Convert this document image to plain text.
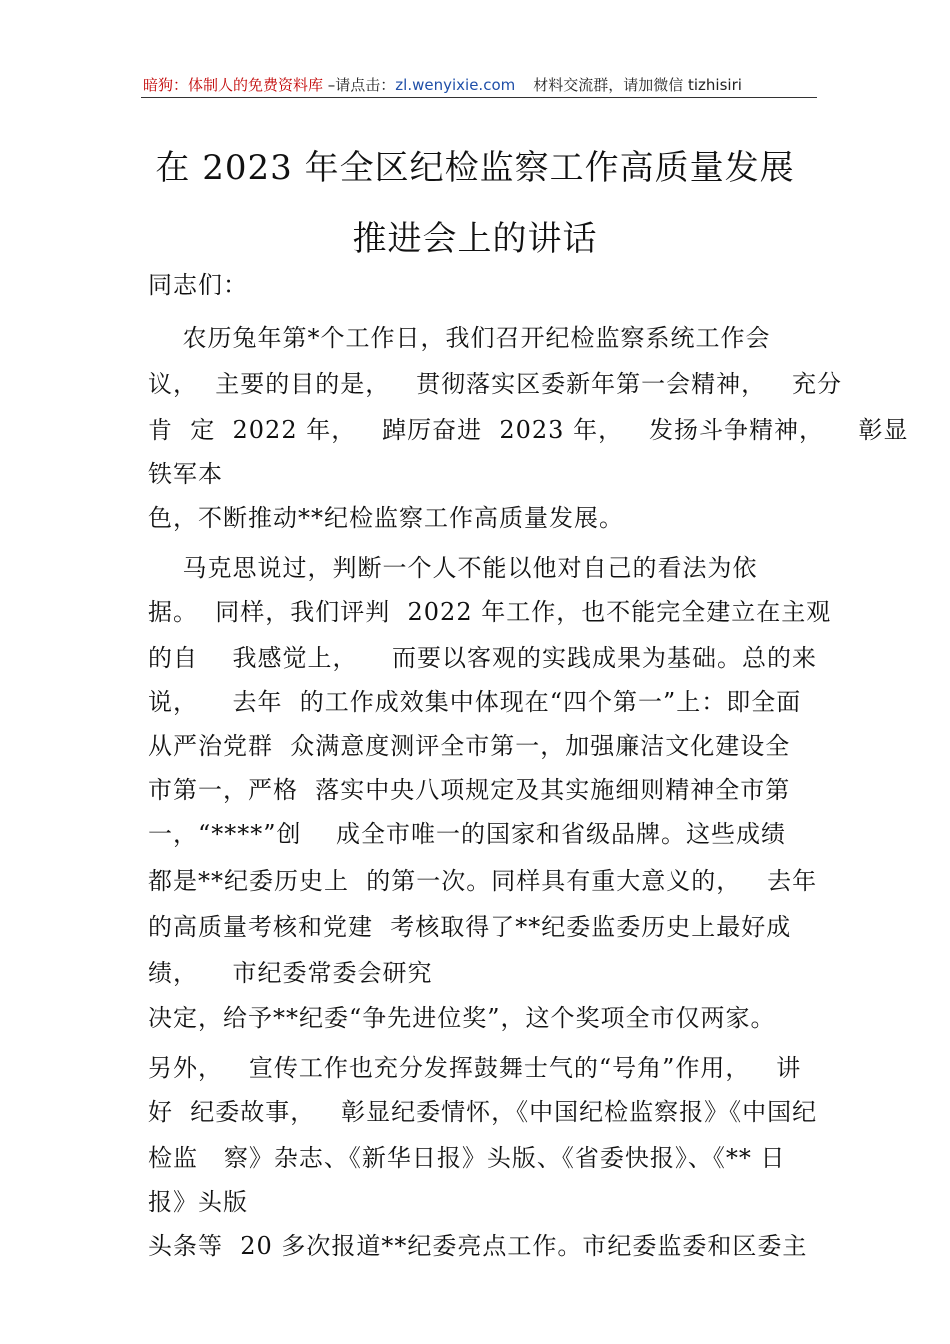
暗狗：体制人的免费资料库 –请点击：zl.wenyixie.com 材料交流群，请加微信 tizhisiri
在 2023 年全区纪检监察工作高质量发展
推进会上的讲话
同志们：
农历兔年第*个工作日，我们召开纪检监察系统工作会
议，  主要的目的是，   贯彻落实区委新年第一会精神，   充分
肯  定  2022 年，   踔厉奋进  2023 年，   发扬斗争精神，    彰显
铁军本
色，不断推动**纪检监察工作高质量发展。
马克思说过，判断一个人不能以他对自己的看法为依
据。  同样，我们评判  2022 年工作，也不能完全建立在主观
的自    我感觉上，    而要以客观的实践成果为基础。总的来
说，    去年  的工作成效集中体现在“四个第一”上：即全面
从严治党群  众满意度测评全市第一，加强廉洁文化建设全
市第一，严格  落实中央八项规定及其实施细则精神全市第
一，“****”创    成全市唯一的国家和省级品牌。这些成绩
都是**纪委历史上  的第一次。同样具有重大意义的，   去年
的高质量考核和党建  考核取得了**纪委监委历史上最好成
绩，    市纪委常委会研究
决定，给予**纪委“争先进位奖”，这个奖项全市仅两家。
另外，   宣传工作也充分发挥鼓舞士气的“号角”作用，   讲
好  纪委故事，   彰显纪委情怀，《中国纪检监察报》《中国纪
检监   察》杂志、《新华日报》头版、《省委快报》、《** 日
报》头版
头条等  20 多次报道**纪委亮点工作。市纪委监委和区委主
